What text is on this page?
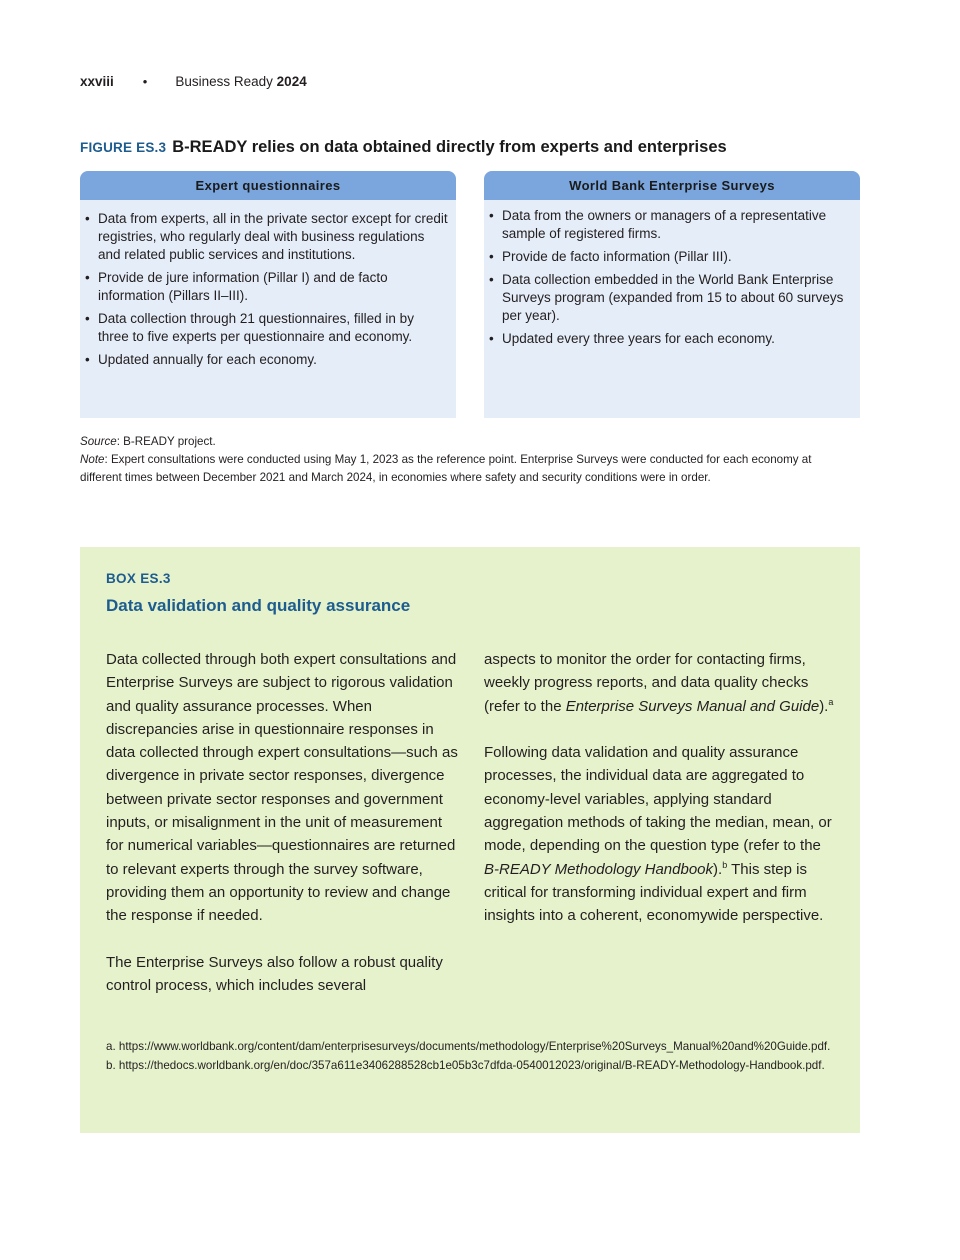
xxviii • Business Ready 2024
FIGURE ES.3 B-READY relies on data obtained directly from experts and enterprises
Expert questionnaires
• Data from experts, all in the private sector except for credit registries, who regularly deal with business regulations and related public services and institutions.
• Provide de jure information (Pillar I) and de facto information (Pillars II–III).
• Data collection through 21 questionnaires, filled in by three to five experts per questionnaire and economy.
• Updated annually for each economy.
World Bank Enterprise Surveys
• Data from the owners or managers of a representative sample of registered firms.
• Provide de facto information (Pillar III).
• Data collection embedded in the World Bank Enterprise Surveys program (expanded from 15 to about 60 surveys per year).
• Updated every three years for each economy.

Source: B-READY project.

Note: Expert consultations were conducted using May 1, 2023 as the reference point. Enterprise Surveys were conducted for each economy at different times between December 2021 and March 2024, in economies where safety and security conditions were in order.

BOX ES.3
Data validation and quality assurance

Data collected through both expert consultations and Enterprise Surveys are subject to rigorous validation and quality assurance processes. When discrepancies arise in questionnaire responses in data collected through expert consultations—such as divergence in private sector responses, divergence between private sector responses and government inputs, or misalignment in the unit of measurement for numerical variables—questionnaires are returned to relevant experts through the survey software, providing them an opportunity to review and change the response if needed.

The Enterprise Surveys also follow a robust quality control process, which includes several

aspects to monitor the order for contacting firms, weekly progress reports, and data quality checks (refer to the Enterprise Surveys Manual and Guide).$^a$

Following data validation and quality assurance processes, the individual data are aggregated to economy-level variables, applying standard aggregation methods of taking the median, mean, or mode, depending on the question type (refer to the B-READY Methodology Handbook).$^b$ This step is critical for transforming individual expert and firm insights into a coherent, economywide perspective.

a. https://www.worldbank.org/content/dam/enterprisesurveys/documents/methodology/Enterprise%20Surveys_Manual%20and%20Guide.pdf.

b. https://thedocs.worldbank.org/en/doc/357a611e3406288528cb1e05b3c7dfda-0540012023/original/B-READY-Methodology-Handbook.pdf.
